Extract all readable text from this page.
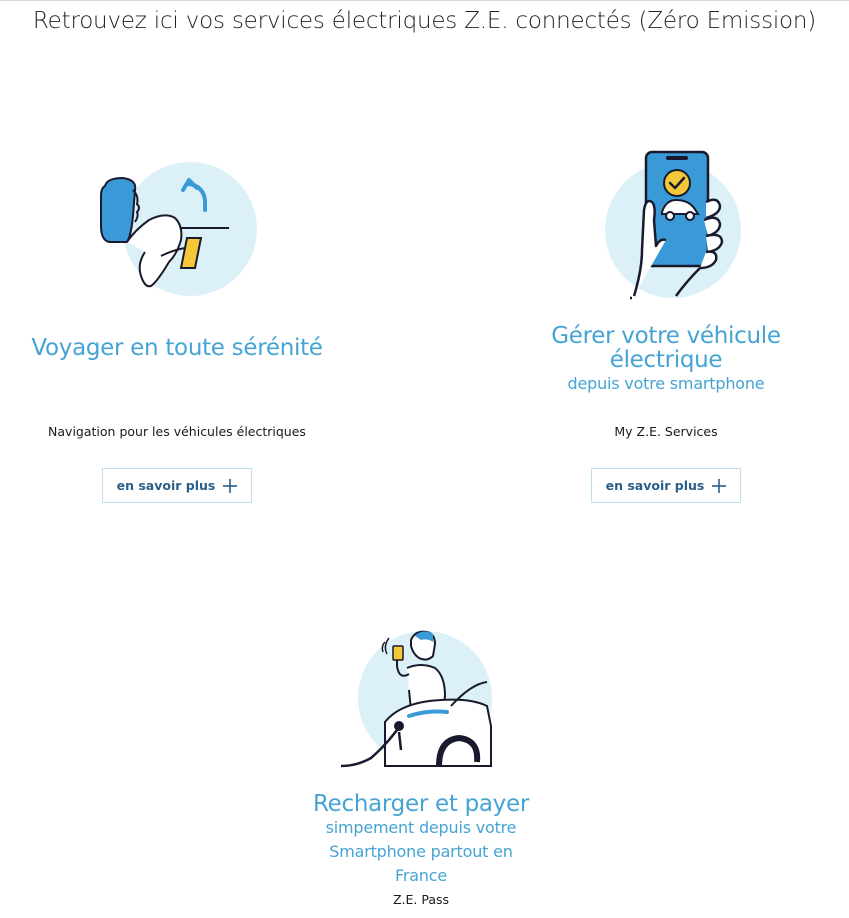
Retrouvez ici vos services électriques Z.E. connectés (Zéro Emission)
Voyager en toute sérénité

Navigation pour les véhicules électriques

en savoir plus
Gérer votre véhicule électrique
depuis votre smartphone

My Z.E. Services

en savoir plus
Recharger et payer
simpement depuis votre Smartphone partout en France

Z.E. Pass
